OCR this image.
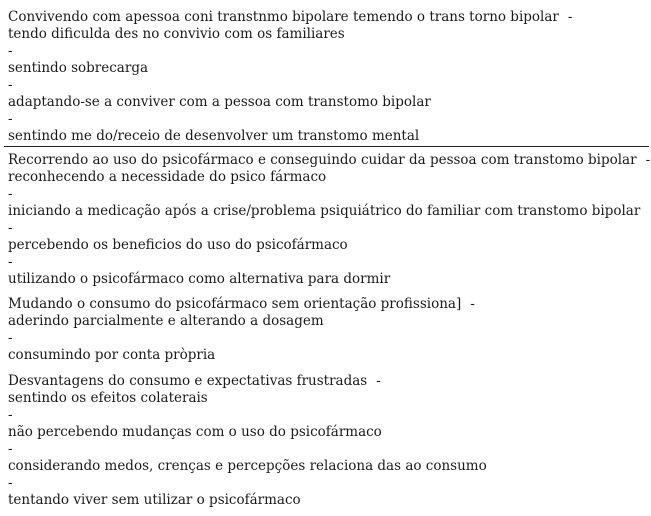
Convivendo com apessoa coni transtnmo bipolare temendo o trans torno bipolar -
tendo dificulda des no convivio com os familiares
-
sentindo sobrecarga
-
adaptando-se a conviver com a pessoa com transtomo bipolar
-
sentindo me do/receio de desenvolver um transtomo mental
Recorrendo ao uso do psicofármaco e conseguindo cuidar da pessoa com transtomo bipolar -
reconhecendo a necessidade do psico fármaco
-
iniciando a medicação após a crise/problema psiquiátrico do familiar com transtomo bipolar
-
percebendo os beneficios do uso do psicofármaco
-
utilizando o psicofármaco como alternativa para dormir
Mudando o consumo do psicofármaco sem orientação profissiona] -
aderindo parcialmente e alterando a dosagem
-
consumindo por conta pròpria
Desvantagens do consumo e expectativas frustradas -
sentindo os efeitos colaterais
-
não percebendo mudanças com o uso do psicofármaco
-
considerando medos, crenças e percepções relaciona das ao consumo
-
tentando viver sem utilizar o psicofármaco
